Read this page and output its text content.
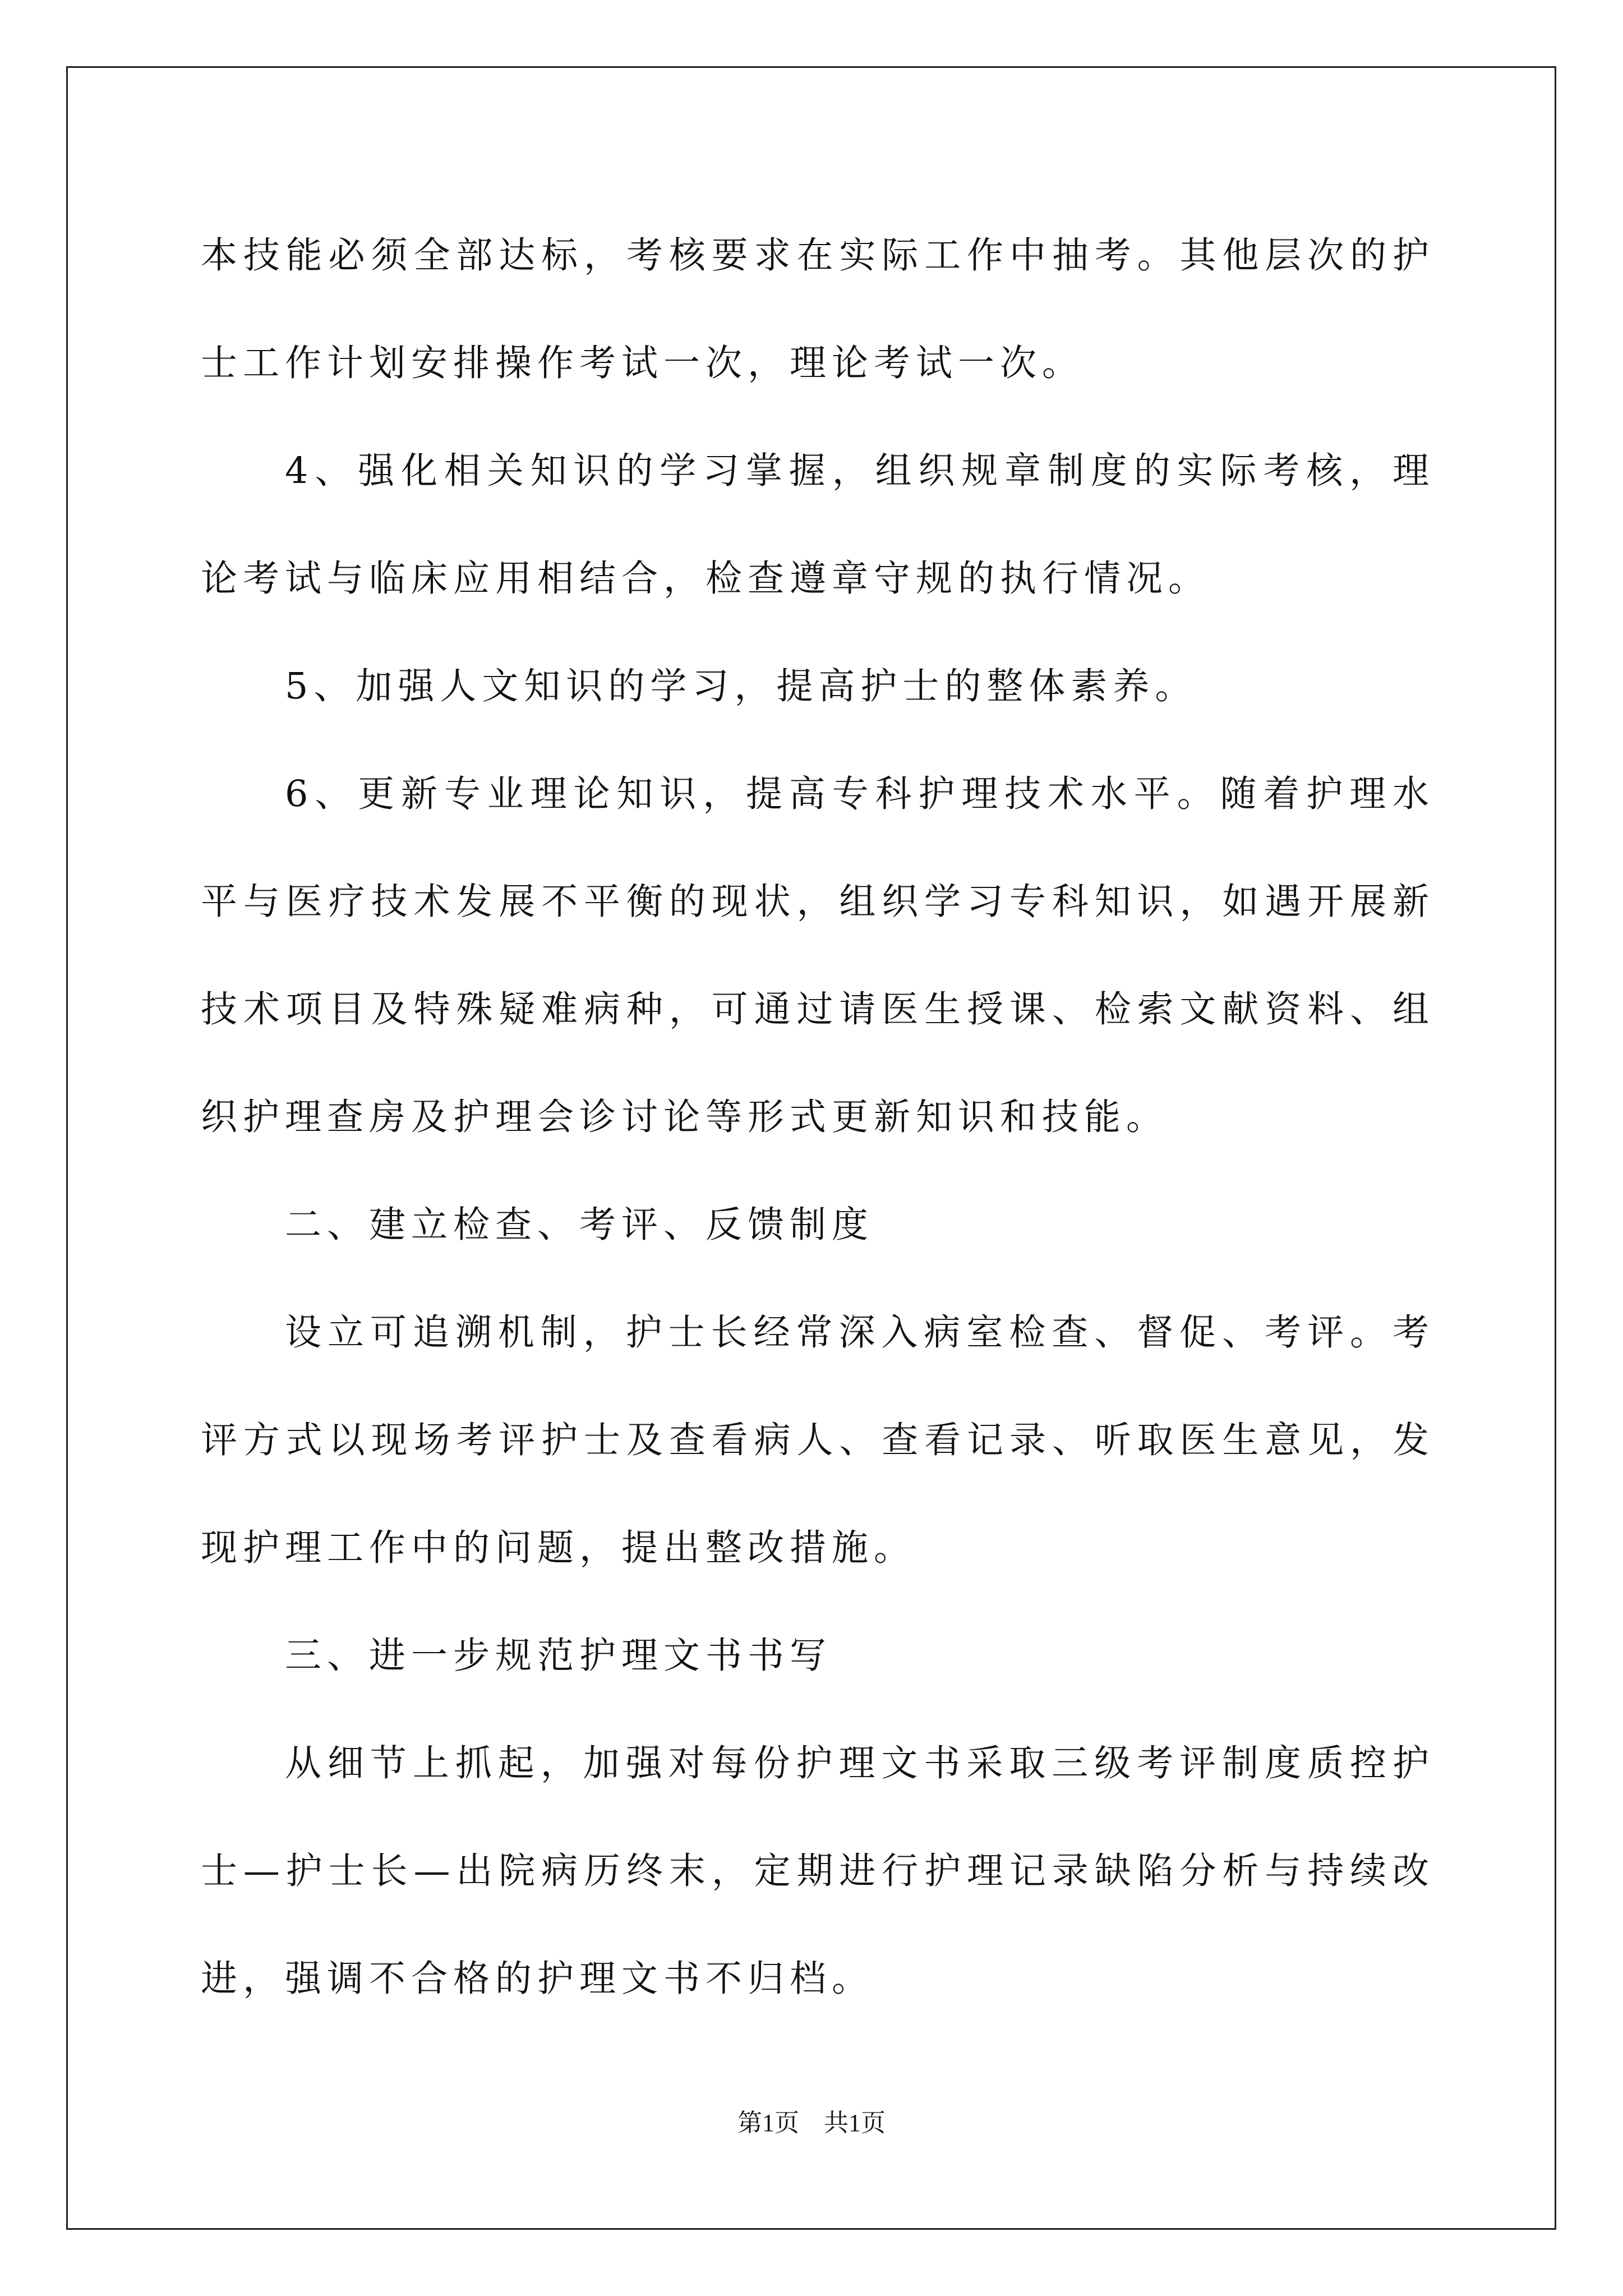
本技能必须全部达标，考核要求在实际工作中抽考。其他层次的护士工作计划安排操作考试一次，理论考试一次。

4、强化相关知识的学习掌握，组织规章制度的实际考核，理论考试与临床应用相结合，检查遵章守规的执行情况。

5、加强人文知识的学习，提高护士的整体素养。

6、更新专业理论知识，提高专科护理技术水平。随着护理水平与医疗技术发展不平衡的现状，组织学习专科知识，如遇开展新技术项目及特殊疑难病种，可通过请医生授课、检索文献资料、组织护理查房及护理会诊讨论等形式更新知识和技能。

二、建立检查、考评、反馈制度

设立可追溯机制，护士长经常深入病室检查、督促、考评。考评方式以现场考评护士及查看病人、查看记录、听取医生意见，发现护理工作中的问题，提出整改措施。

三、进一步规范护理文书书写

从细节上抓起，加强对每份护理文书采取三级考评制度质控护士—护士长—出院病历终末，定期进行护理记录缺陷分析与持续改进，强调不合格的护理文书不归档。

第1页　共1页
